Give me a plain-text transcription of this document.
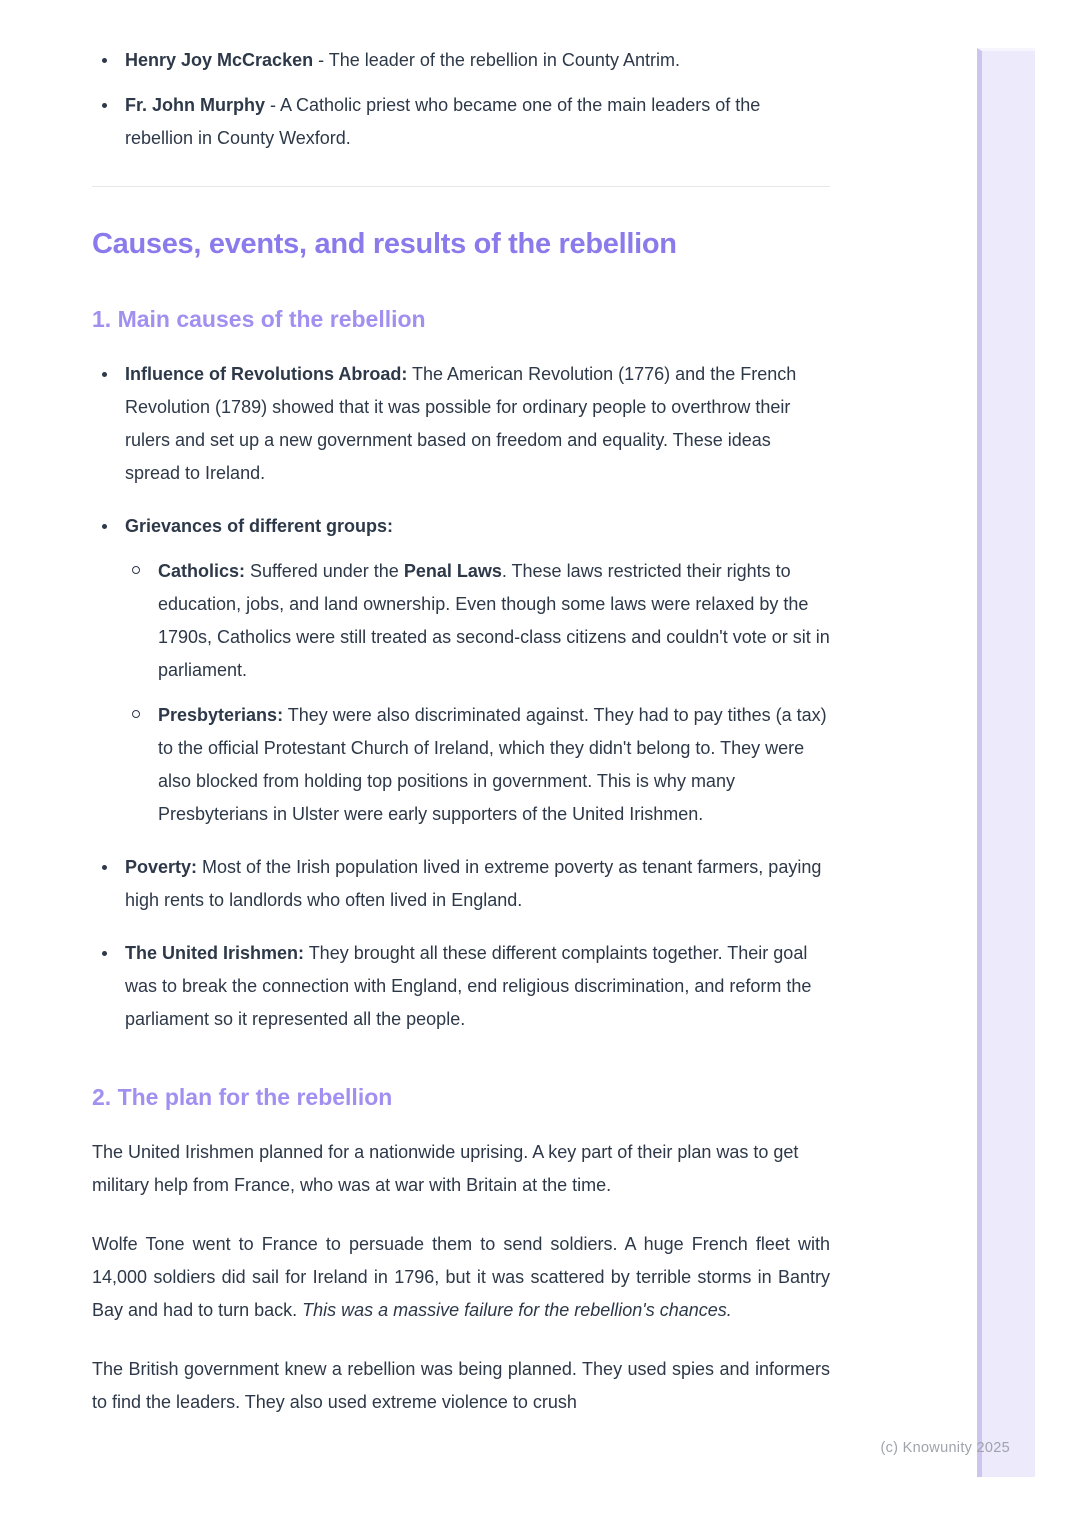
Henry Joy McCracken - The leader of the rebellion in County Antrim.
Fr. John Murphy - A Catholic priest who became one of the main leaders of the rebellion in County Wexford.
Causes, events, and results of the rebellion
1. Main causes of the rebellion
Influence of Revolutions Abroad: The American Revolution (1776) and the French Revolution (1789) showed that it was possible for ordinary people to overthrow their rulers and set up a new government based on freedom and equality. These ideas spread to Ireland.
Grievances of different groups:
Catholics: Suffered under the Penal Laws. These laws restricted their rights to education, jobs, and land ownership. Even though some laws were relaxed by the 1790s, Catholics were still treated as second-class citizens and couldn't vote or sit in parliament.
Presbyterians: They were also discriminated against. They had to pay tithes (a tax) to the official Protestant Church of Ireland, which they didn't belong to. They were also blocked from holding top positions in government. This is why many Presbyterians in Ulster were early supporters of the United Irishmen.
Poverty: Most of the Irish population lived in extreme poverty as tenant farmers, paying high rents to landlords who often lived in England.
The United Irishmen: They brought all these different complaints together. Their goal was to break the connection with England, end religious discrimination, and reform the parliament so it represented all the people.
2. The plan for the rebellion

The United Irishmen planned for a nationwide uprising. A key part of their plan was to get military help from France, who was at war with Britain at the time.

Wolfe Tone went to France to persuade them to send soldiers. A huge French fleet with 14,000 soldiers did sail for Ireland in 1796, but it was scattered by terrible storms in Bantry Bay and had to turn back. This was a massive failure for the rebellion's chances.

The British government knew a rebellion was being planned. They used spies and informers to find the leaders. They also used extreme violence to crush

(c) Knowunity 2025
